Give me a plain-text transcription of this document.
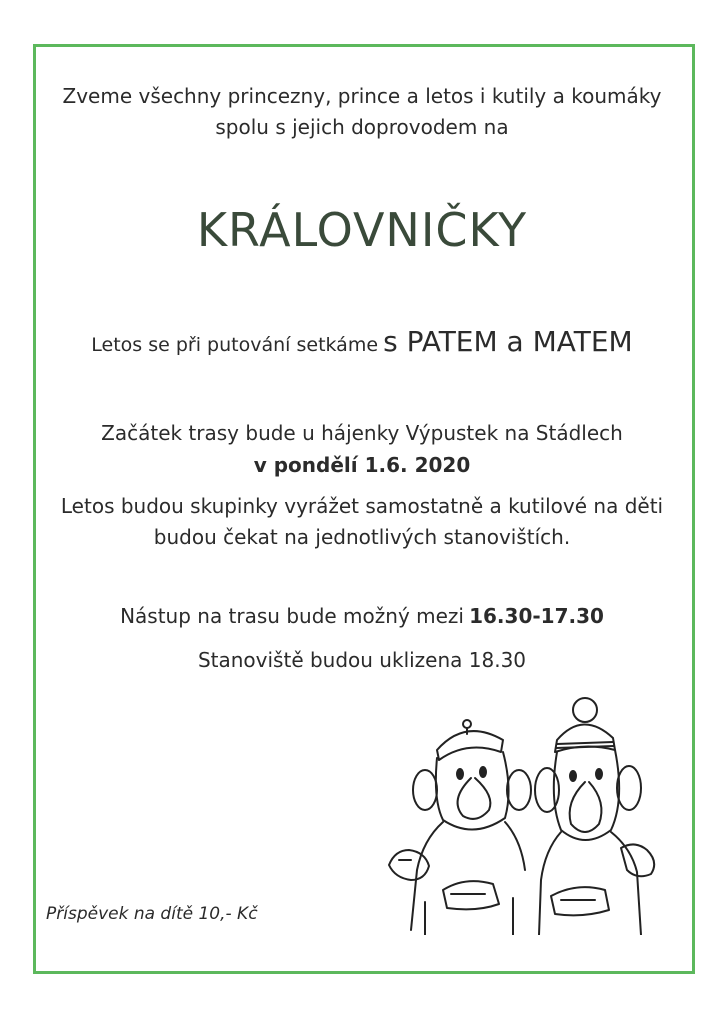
Zveme všechny princezny, prince a letos i kutily a koumáky
spolu s jejich doprovodem na
KRÁLOVNIČKY
Letos se při putování setkáme s PATEM a MATEM
Začátek trasy bude u hájenky Výpustek na Stádlech
v pondělí 1.6. 2020
Letos budou skupinky vyrážet samostatně a kutilové na děti
budou čekat na jednotlivých stanovištích.
Nástup na trasu bude možný mezi 16.30-17.30
Stanoviště budou uklizena 18.30
Příspěvek na dítě 10,- Kč
